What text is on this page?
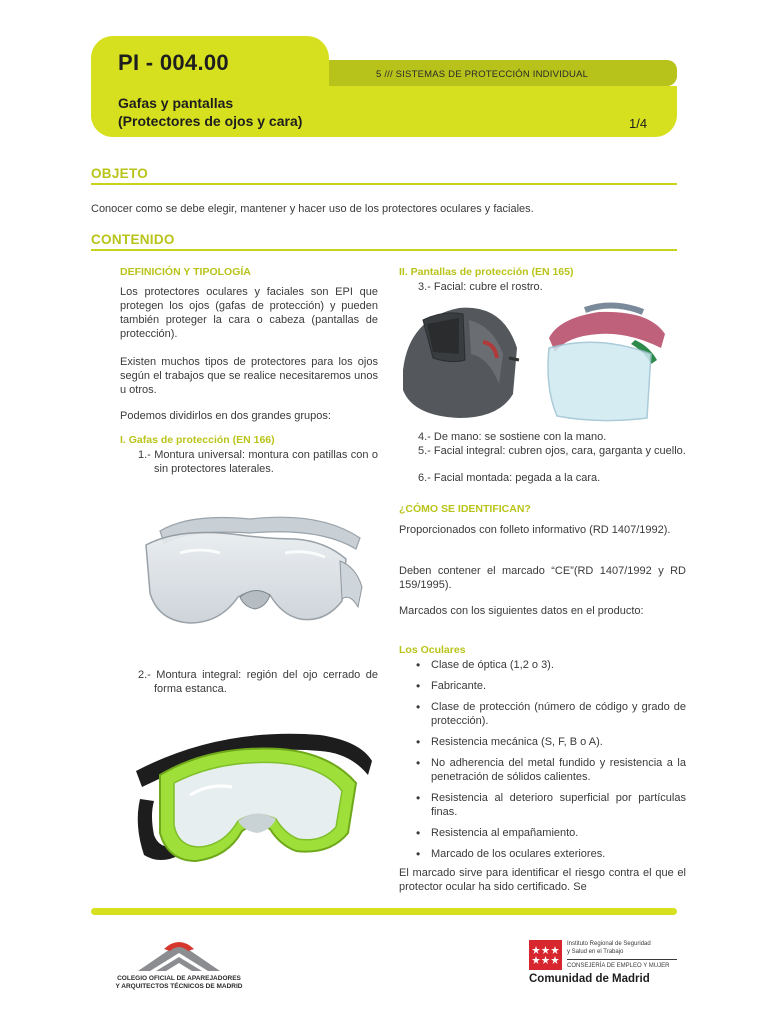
PI - 004.00	5 /// SISTEMAS DE PROTECCIÓN INDIVIDUAL
Gafas y pantallas
(Protectores de ojos y cara)	1/4
OBJETO
Conocer como se debe elegir, mantener y hacer uso de los protectores oculares y faciales.
CONTENIDO
DEFINICIÓN Y TIPOLOGÍA
Los protectores oculares y faciales son EPI que protegen los ojos (gafas de protección) y pueden también proteger la cara o cabeza (pantallas de protección).
Existen muchos tipos de protectores para los ojos según el trabajos que se realice necesitaremos unos u otros.
Podemos dividirlos en dos grandes grupos:
I. Gafas de protección (EN 166)
1.- Montura universal: montura con patillas con o sin protectores laterales.
2.- Montura integral: región del ojo cerrado de forma estanca.
II. Pantallas de protección (EN 165)
3.- Facial: cubre el rostro.
4.- De mano: se sostiene con la mano.
5.- Facial integral: cubren ojos, cara, garganta y cuello.
6.- Facial montada: pegada a la cara.
¿CÓMO SE IDENTIFICAN?
Proporcionados con folleto informativo (RD 1407/1992).
Deben contener el marcado “CE”(RD 1407/1992 y RD 159/1995).
Marcados con los siguientes datos en el producto:
Los Oculares
• Clase de óptica (1,2 o 3).
• Fabricante.
• Clase de protección (número de código y grado de protección).
• Resistencia mecánica (S, F, B o A).
• No adherencia del metal fundido y resistencia a la penetración de sólidos calientes.
• Resistencia al deterioro superficial por partículas finas.
• Resistencia al empañamiento.
• Marcado de los oculares exteriores.
El marcado sirve para identificar el riesgo contra el que el protector ocular ha sido certificado. Se
COLEGIO OFICIAL DE APAREJADORES
Y ARQUITECTOS TÉCNICOS DE MADRID
Instituto Regional de Seguridad
y Salud en el Trabajo
CONSEJERÍA DE EMPLEO Y MUJER
Comunidad de Madrid
